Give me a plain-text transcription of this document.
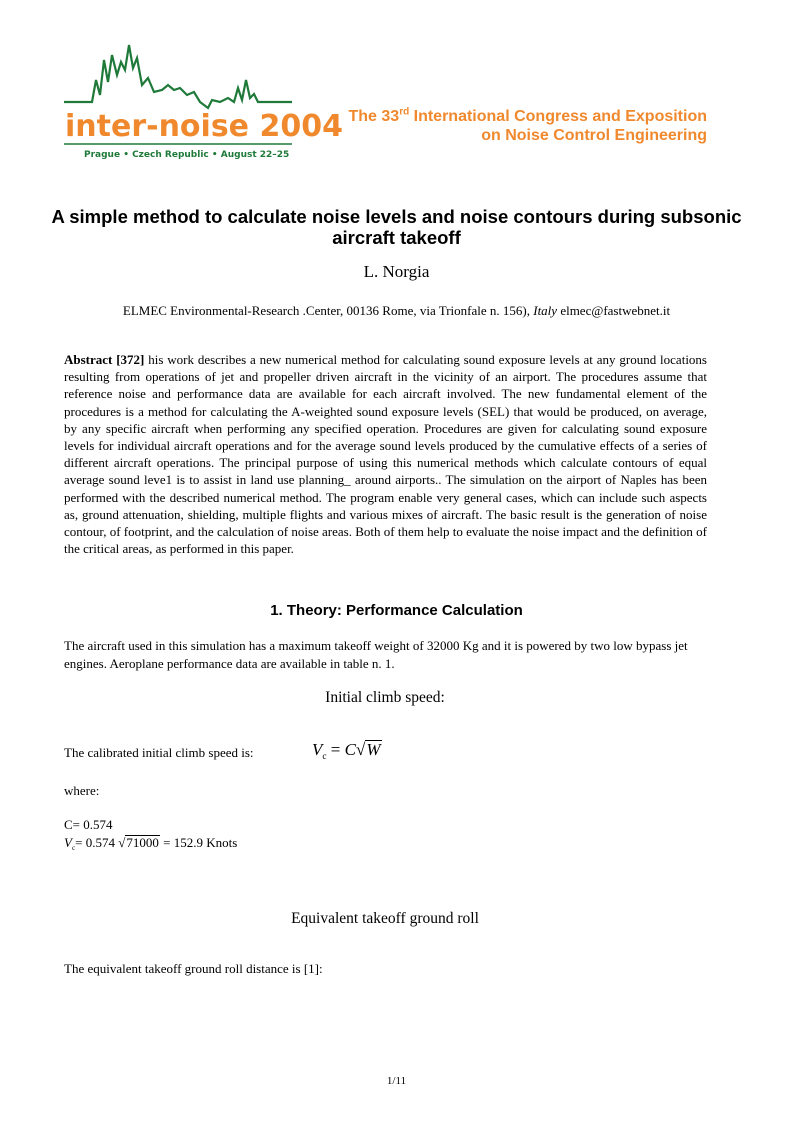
inter-noise 2004
Prague • Czech Republic • August 22–25
The 33rd International Congress and Exposition
on Noise Control Engineering
A simple method to calculate noise levels and noise contours during subsonic aircraft takeoff
L. Norgia
ELMEC Environmental-Research .Center, 00136 Rome, via Trionfale n. 156), Italy elmec@fastwebnet.it
Abstract [372] his work describes a new numerical method for calculating sound exposure levels at any ground locations resulting from operations of jet and propeller driven aircraft in the vicinity of an airport. The procedures assume that reference noise and performance data are available for each aircraft involved. The new fundamental element of the procedures is a method for calculating the A-weighted sound exposure levels (SEL) that would be produced, on average, by any specific aircraft when performing any specified operation. Procedures are given for calculating sound exposure levels for individual aircraft operations and for the average sound levels produced by the cumulative effects of a series of different aircraft operations. The principal purpose of using this numerical methods which calculate contours of equal average sound leve1 is to assist in land use planning_ around airports.. The simulation on the airport of Naples has been performed with the described numerical method. The program enable very general cases, which can include such aspects as, ground attenuation, shielding, multiple flights and various mixes of aircraft. The basic result is the generation of noise contour, of footprint, and the calculation of noise areas. Both of them help to evaluate the noise impact and the definition of the critical areas, as performed in this paper.
1. Theory: Performance Calculation
The aircraft used in this simulation has a maximum takeoff weight of 32000 Kg and it is powered by two low bypass jet engines. Aeroplane performance data are available in table n. 1.
Initial climb speed:
The calibrated initial climb speed is:	$V_c = C√W$
where:
C= 0.574
$V_c= 0.574$ √71000 = 152.9 Knots
Equivalent takeoff ground roll
The equivalent takeoff ground roll distance is [1]:
1/11
